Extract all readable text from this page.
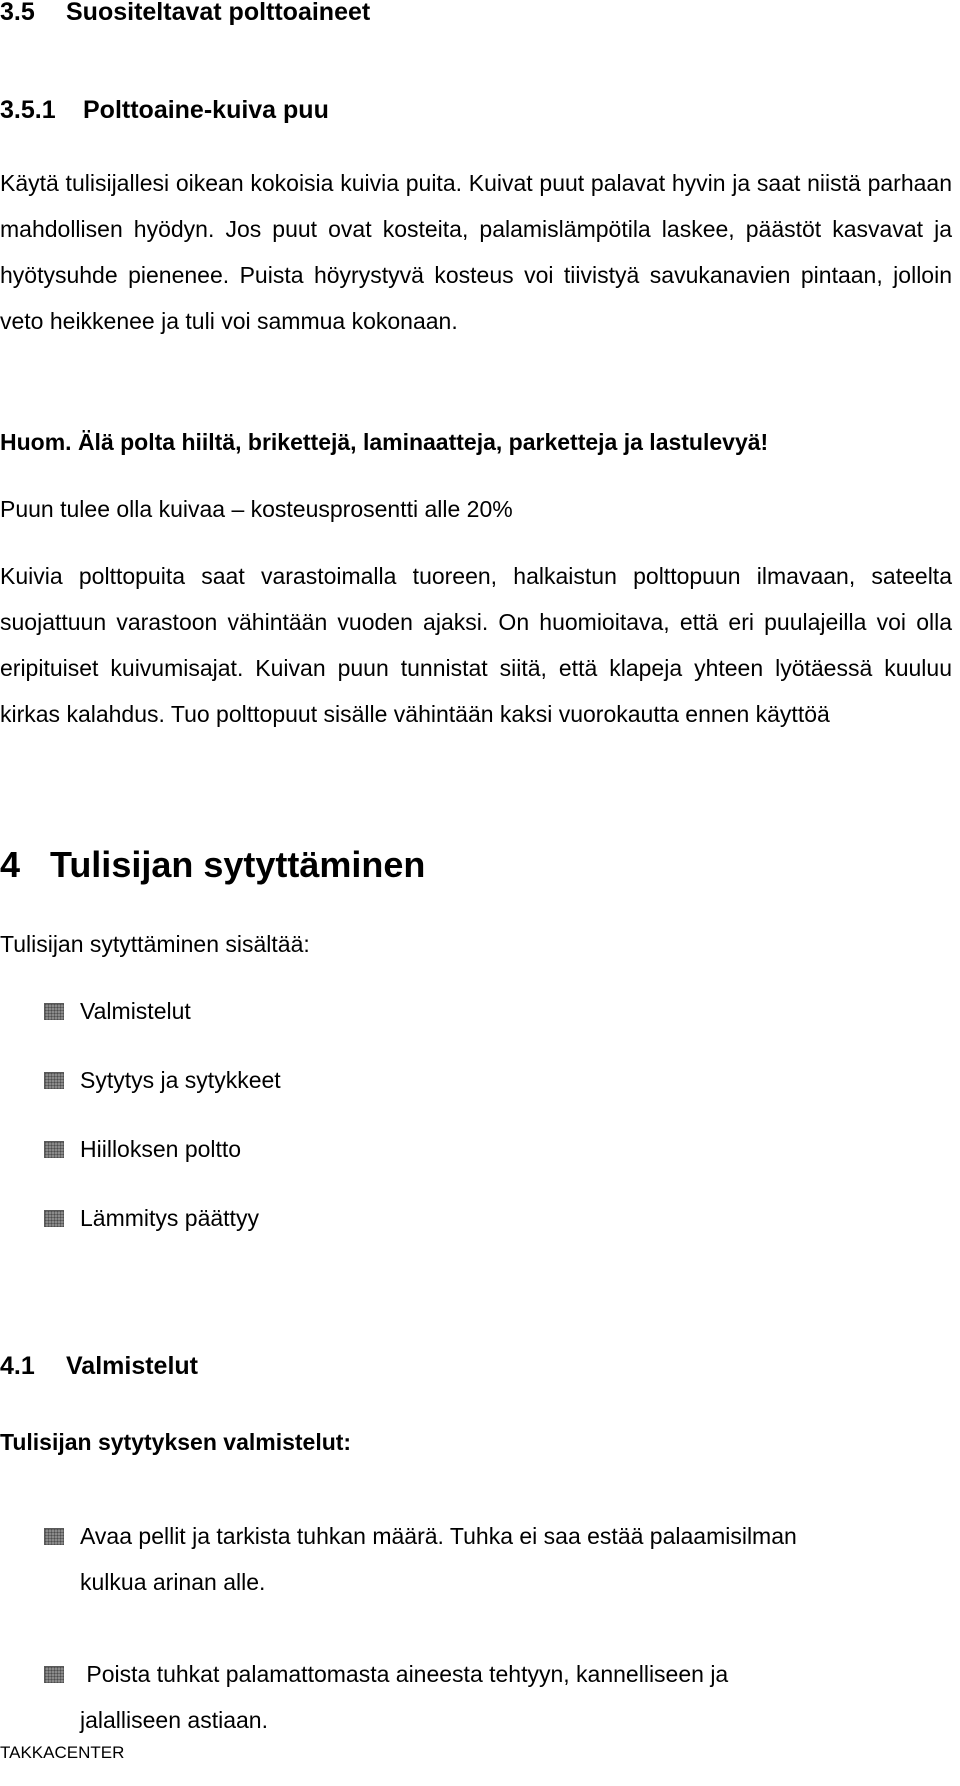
3.5 Suositeltavat polttoaineet
3.5.1 Polttoaine-kuiva puu
Käytä tulisijallesi oikean kokoisia kuivia puita. Kuivat puut palavat hyvin ja saat niistä parhaan mahdollisen hyödyn. Jos puut ovat kosteita, palamislämpötila laskee, päästöt kasvavat ja hyötysuhde pienenee. Puista höyrystyvä kosteus voi tiivistyä savukanavien pintaan, jolloin veto heikkenee ja tuli voi sammua kokonaan.
Huom. Älä polta hiiltä, brikettejä, laminaatteja, parketteja ja lastulevyä!
Puun tulee olla kuivaa – kosteusprosentti alle 20%
Kuivia polttopuita saat varastoimalla tuoreen, halkaistun polttopuun ilmavaan, sateelta suojattuun varastoon vähintään vuoden ajaksi. On huomioitava, että eri puulajeilla voi olla eripituiset kuivumisajat. Kuivan puun tunnistat siitä, että klapeja yhteen lyötäessä kuuluu kirkas kalahdus. Tuo polttopuut sisälle vähintään kaksi vuorokautta ennen käyttöä
4 Tulisijan sytyttäminen
Tulisijan sytyttäminen sisältää:
Valmistelut
Sytytys ja sytykkeet
Hiilloksen poltto
Lämmitys päättyy
4.1 Valmistelut
Tulisijan sytytyksen valmistelut:
Avaa pellit ja tarkista tuhkan määrä. Tuhka ei saa estää palaamisilman
kulkua arinan alle.
Poista tuhkat palamattomasta aineesta tehtyyn, kannelliseen ja
jalalliseen astiaan.
TAKKACENTER
